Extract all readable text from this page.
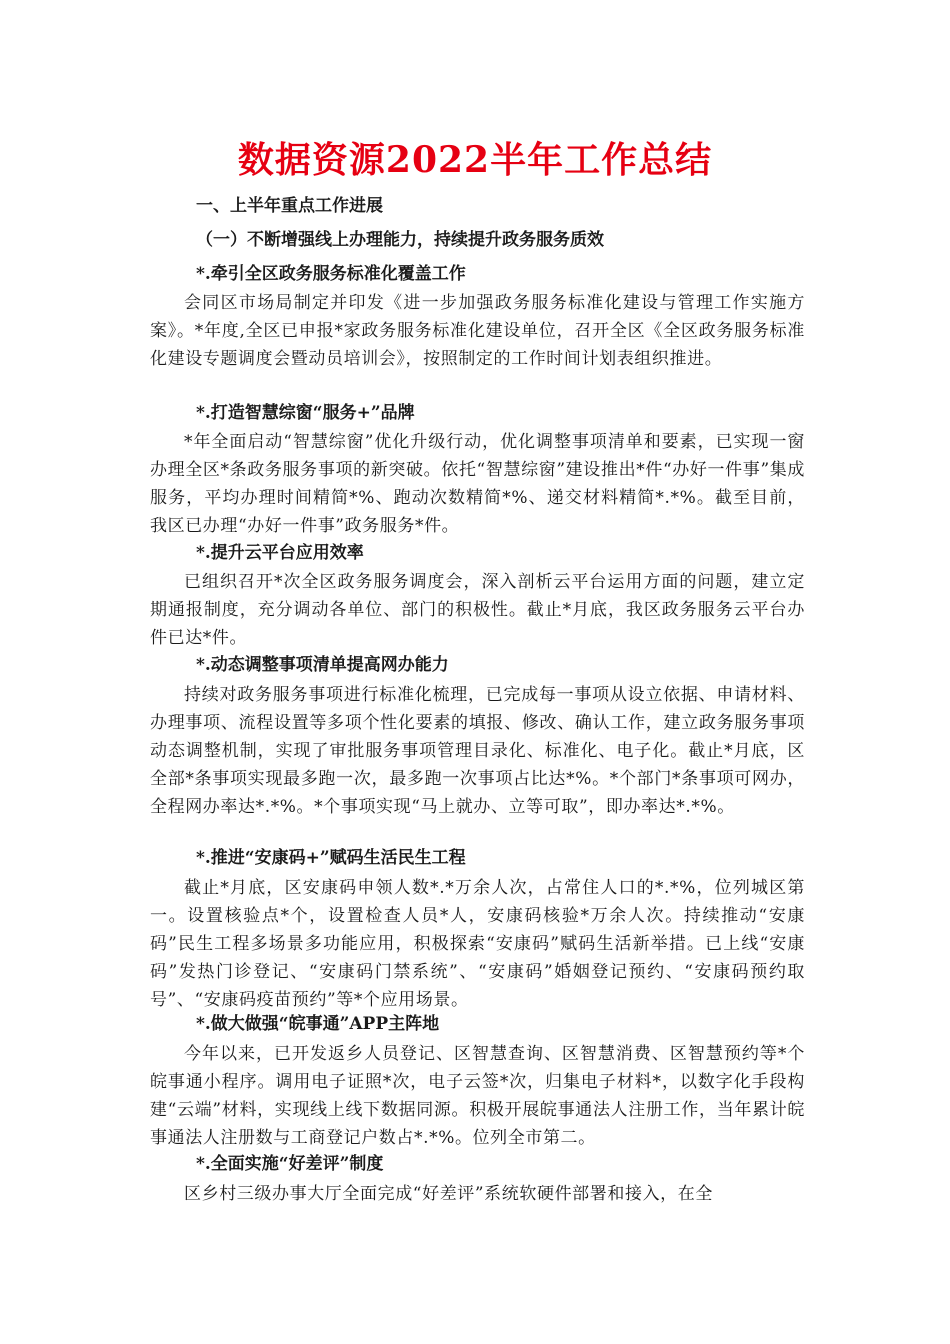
数据资源2022半年工作总结
一、上半年重点工作进展
（一）不断增强线上办理能力，持续提升政务服务质效
*.牵引全区政务服务标准化覆盖工作

会同区市场局制定并印发《进一步加强政务服务标准化建设与管理工作实施方案》。*年度,全区已申报*家政务服务标准化建设单位，召开全区《全区政务服务标准化建设专题调度会暨动员培训会》，按照制定的工作时间计划表组织推进。

*.打造智慧综窗“服务+”品牌

*年全面启动“智慧综窗”优化升级行动，优化调整事项清单和要素，已实现一窗办理全区*条政务服务事项的新突破。依托“智慧综窗”建设推出*件“办好一件事”集成服务，平均办理时间精简*%、跑动次数精简*%、递交材料精简*.*%。截至目前，我区已办理“办好一件事”政务服务*件。

*.提升云平台应用效率

已组织召开*次全区政务服务调度会，深入剖析云平台运用方面的问题，建立定期通报制度，充分调动各单位、部门的积极性。截止*月底，我区政务服务云平台办件已达*件。

*.动态调整事项清单提高网办能力

持续对政务服务事项进行标准化梳理，已完成每一事项从设立依据、申请材料、办理事项、流程设置等多项个性化要素的填报、修改、确认工作，建立政务服务事项动态调整机制，实现了审批服务事项管理目录化、标准化、电子化。截止*月底，区全部*条事项实现最多跑一次，最多跑一次事项占比达*%。*个部门*条事项可网办，全程网办率达*.*%。*个事项实现“马上就办、立等可取”，即办率达*.*%。

*.推进“安康码+”赋码生活民生工程

截止*月底，区安康码申领人数*.*万余人次，占常住人口的*.*%，位列城区第一。设置核验点*个，设置检查人员*人，安康码核验*万余人次。持续推动“安康码”民生工程多场景多功能应用，积极探索“安康码”赋码生活新举措。已上线“安康码”发热门诊登记、“安康码门禁系统”、“安康码”婚姻登记预约、“安康码预约取号”、“安康码疫苗预约”等*个应用场景。

*.做大做强“皖事通”APP主阵地

今年以来，已开发返乡人员登记、区智慧查询、区智慧消费、区智慧预约等*个皖事通小程序。调用电子证照*次，电子云签*次，归集电子材料*，以数字化手段构建“云端”材料，实现线上线下数据同源。积极开展皖事通法人注册工作，当年累计皖事通法人注册数与工商登记户数占*.*%。位列全市第二。

*.全面实施“好差评”制度

区乡村三级办事大厅全面完成“好差评”系统软硬件部署和接入，在全
